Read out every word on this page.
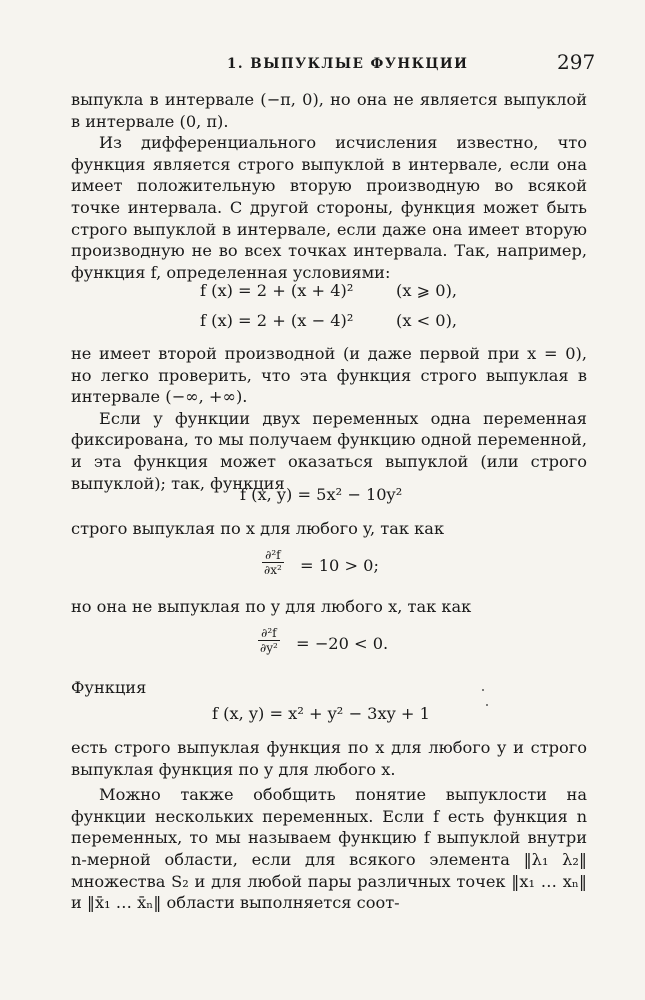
1. ВЫПУКЛЫЕ ФУНКЦИИ	297

выпукла в интервале (−π, 0), но она не является выпуклой в интервале (0, π).

Из дифференциального исчисления известно, что функция является строго выпуклой в интервале, если она имеет положительную вторую производную во всякой точке интервала. С другой стороны, функция может быть строго выпуклой в интервале, если даже она имеет вторую производную не во всех точках интервала. Так, например, функция f, определенная условиями:

f (x) = 2 + (x + 4)²	(x ⩾ 0),
f (x) = 2 + (x − 4)²	(x < 0),

не имеет второй производной (и даже первой при x = 0), но легко проверить, что эта функция строго выпуклая в интервале (−∞, +∞).

Если у функции двух переменных одна переменная фиксирована, то мы получаем функцию одной переменной, и эта функция может оказаться выпуклой (или строго выпуклой); так, функция

f (x, y) = 5x² − 10y²

строго выпуклая по x для любого y, так как

$\frac{\text{∂²f}}{\text{∂x²}} = 10 > 0$;

но она не выпуклая по y для любого x, так как

$\frac{\text{∂²f}}{\text{∂y²}} = -20 < 0$.

Функция

f (x, y) = x² + y² − 3xy + 1

есть строго выпуклая функция по x для любого y и строго выпуклая функция по y для любого x.

Можно также обобщить понятие выпуклости на функции нескольких переменных. Если f есть функция n переменных, то мы называем функцию f выпуклой внутри n-мерной области, если для всякого элемента ‖λ₁ λ₂‖ множества S₂ и для любой пары различных точек ‖x₁ … xₙ‖ и ‖x̄₁ … x̄ₙ‖ области выполняется соот-
